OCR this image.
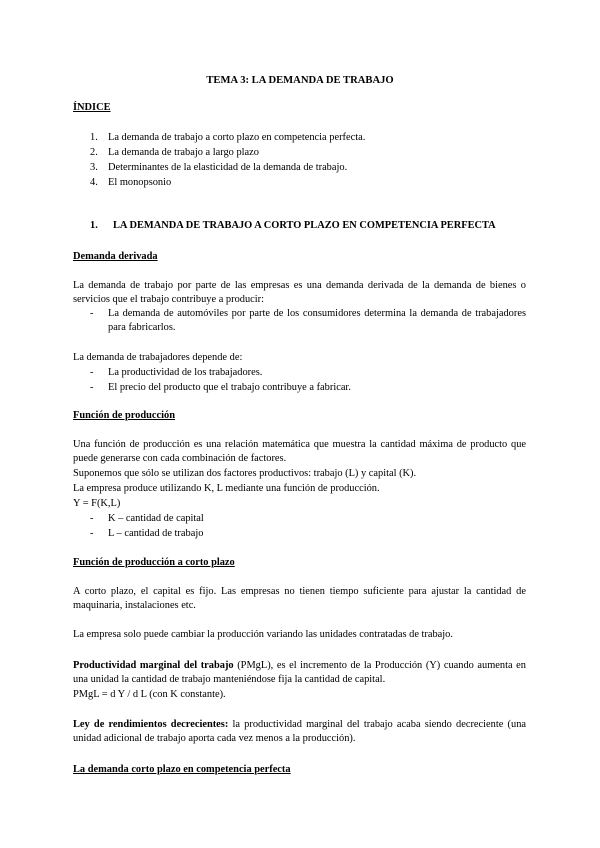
TEMA 3: LA DEMANDA DE TRABAJO
ÍNDICE
1. La demanda de trabajo a corto plazo en competencia perfecta.
2. La demanda de trabajo a largo plazo
3. Determinantes de la elasticidad de la demanda de trabajo.
4. El monopsonio
1. LA DEMANDA DE TRABAJO A CORTO PLAZO EN COMPETENCIA PERFECTA
Demanda derivada
La demanda de trabajo por parte de las empresas es una demanda derivada de la demanda de bienes o servicios que el trabajo contribuye a producir:
- La demanda de automóviles por parte de los consumidores determina la demanda de trabajadores para fabricarlos.
La demanda de trabajadores depende de:
- La productividad de los trabajadores.
- El precio del producto que el trabajo contribuye a fabricar.
Función de producción
Una función de producción es una relación matemática que muestra la cantidad máxima de producto que puede generarse con cada combinación de factores.
Suponemos que sólo se utilizan dos factores productivos: trabajo (L) y capital (K).
La empresa produce utilizando K, L mediante una función de producción.
Y = F(K,L)
- K – cantidad de capital
- L – cantidad de trabajo
Función de producción a corto plazo
A corto plazo, el capital es fijo. Las empresas no tienen tiempo suficiente para ajustar la cantidad de maquinaria, instalaciones etc.
La empresa solo puede cambiar la producción variando las unidades contratadas de trabajo.
Productividad marginal del trabajo (PMgL), es el incremento de la Producción (Y) cuando aumenta en una unidad la cantidad de trabajo manteniéndose fija la cantidad de capital.
PMgL = d Y / d L (con K constante).
Ley de rendimientos decrecientes: la productividad marginal del trabajo acaba siendo decreciente (una unidad adicional de trabajo aporta cada vez menos a la producción).
La demanda corto plazo en competencia perfecta
